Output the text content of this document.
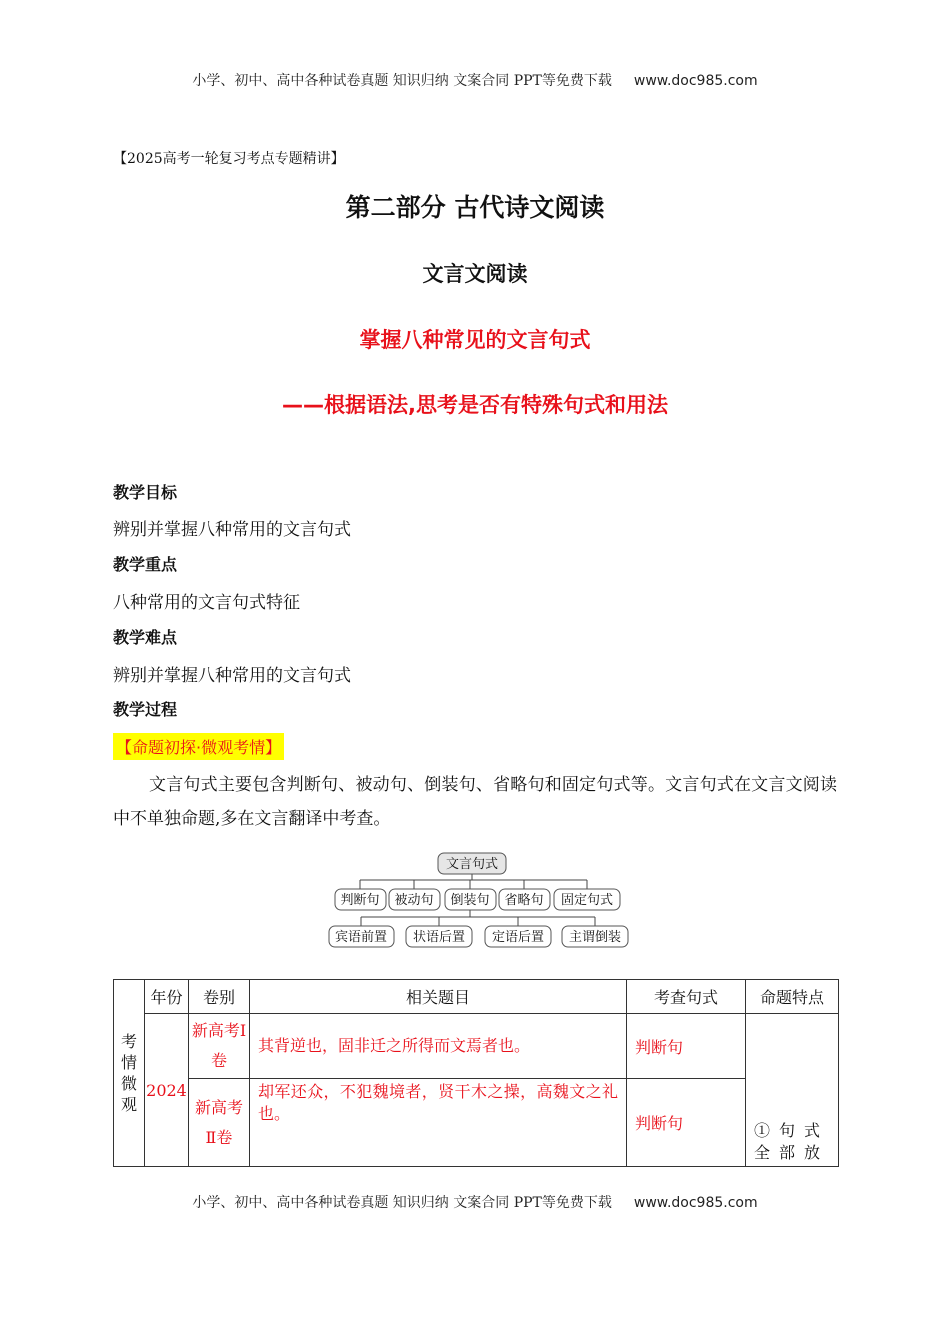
小学、初中、高中各种试卷真题 知识归纳 文案合同 PPT等免费下载 www.doc985.com
【2025高考一轮复习考点专题精讲】
第二部分 古代诗文阅读
文言文阅读
掌握八种常见的文言句式
——根据语法,思考是否有特殊句式和用法
教学目标
辨别并掌握八种常用的文言句式
教学重点
八种常用的文言句式特征
教学难点
辨别并掌握八种常用的文言句式
教学过程
【命题初探·微观考情】
文言句式主要包含判断句、被动句、倒装句、省略句和固定句式等。文言句式在文言文阅读中不单独命题,多在文言翻译中考查。
文言句式
判断句 被动句 倒装句 省略句 固定句式
宾语前置 状语后置 定语后置 主谓倒装
考情微观	年份	卷别	相关题目	考查句式	命题特点
	2024	新高考Ⅰ卷	其背逆也，固非迁之所得而文焉者也。	判断句	①句式全部放

		新高考Ⅱ卷	却军还众，不犯魏境者，贤干木之操，高魏文之礼也。	判断句	
小学、初中、高中各种试卷真题 知识归纳 文案合同 PPT等免费下载 www.doc985.com
